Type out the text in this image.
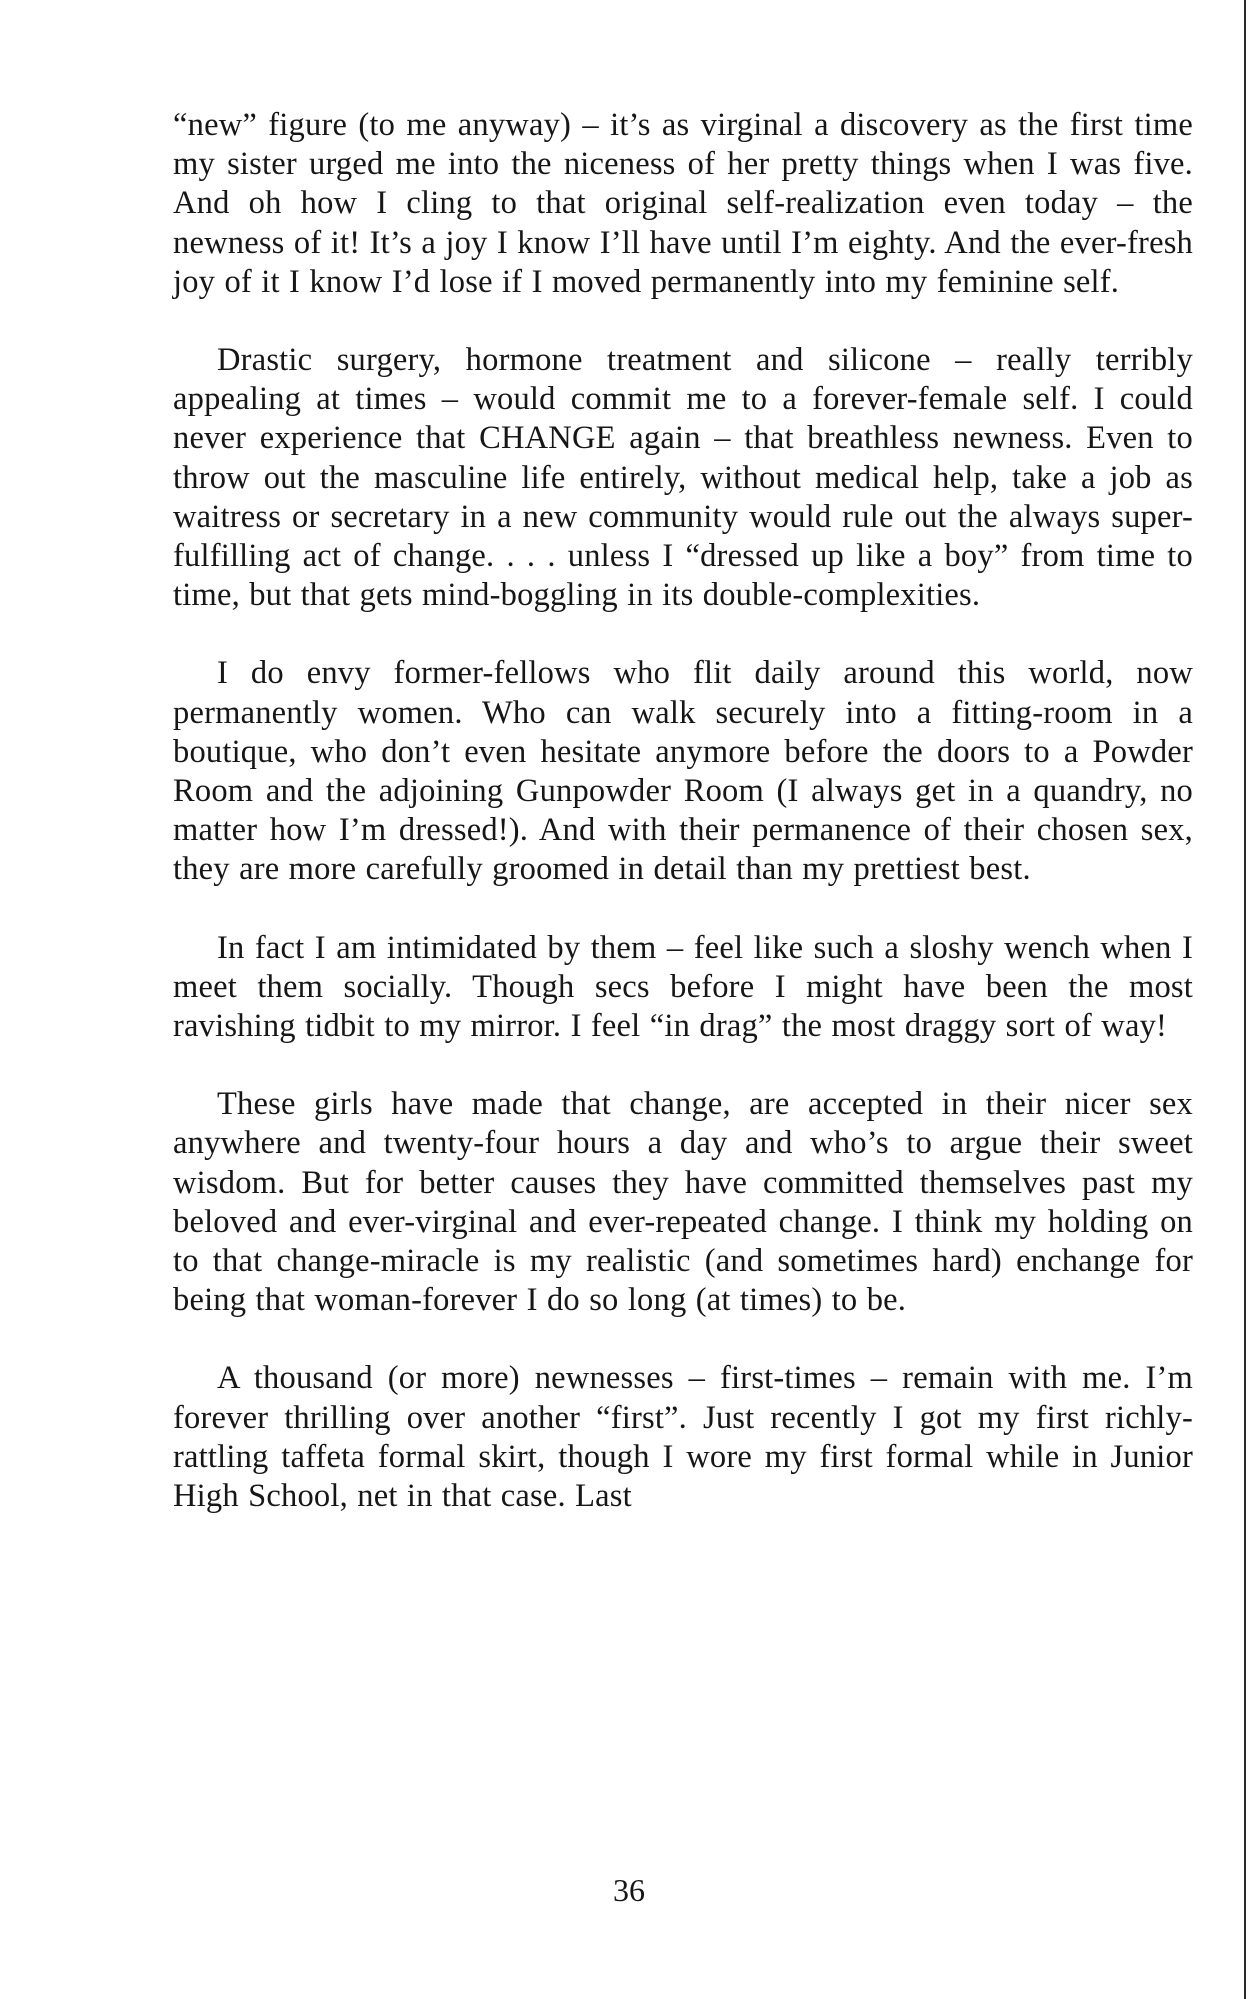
“new” figure (to me anyway) – it’s as virginal a discovery as the first time my sister urged me into the niceness of her pretty things when I was five. And oh how I cling to that original self-realization even today – the newness of it! It’s a joy I know I’ll have until I’m eighty. And the ever-fresh joy of it I know I’d lose if I moved permanently into my feminine self.

Drastic surgery, hormone treatment and silicone – really terribly appealing at times – would commit me to a forever-female self. I could never experience that CHANGE again – that breathless newness. Even to throw out the masculine life entirely, without medical help, take a job as waitress or secretary in a new community would rule out the always super-fulfilling act of change. . . . unless I “dressed up like a boy” from time to time, but that gets mind-boggling in its double-complexities.

I do envy former-fellows who flit daily around this world, now permanently women. Who can walk securely into a fitting-room in a boutique, who don’t even hesitate anymore before the doors to a Powder Room and the adjoining Gunpowder Room (I always get in a quandry, no matter how I’m dressed!). And with their permanence of their chosen sex, they are more carefully groomed in detail than my prettiest best.

In fact I am intimidated by them – feel like such a sloshy wench when I meet them socially. Though secs before I might have been the most ravishing tidbit to my mirror. I feel “in drag” the most draggy sort of way!

These girls have made that change, are accepted in their nicer sex anywhere and twenty-four hours a day and who’s to argue their sweet wisdom. But for better causes they have committed themselves past my beloved and ever-virginal and ever-repeated change. I think my holding on to that change-miracle is my realistic (and sometimes hard) enchange for being that woman-forever I do so long (at times) to be.

A thousand (or more) newnesses – first-times – remain with me. I’m forever thrilling over another “first”. Just recently I got my first richly-rattling taffeta formal skirt, though I wore my first formal while in Junior High School, net in that case. Last

36
